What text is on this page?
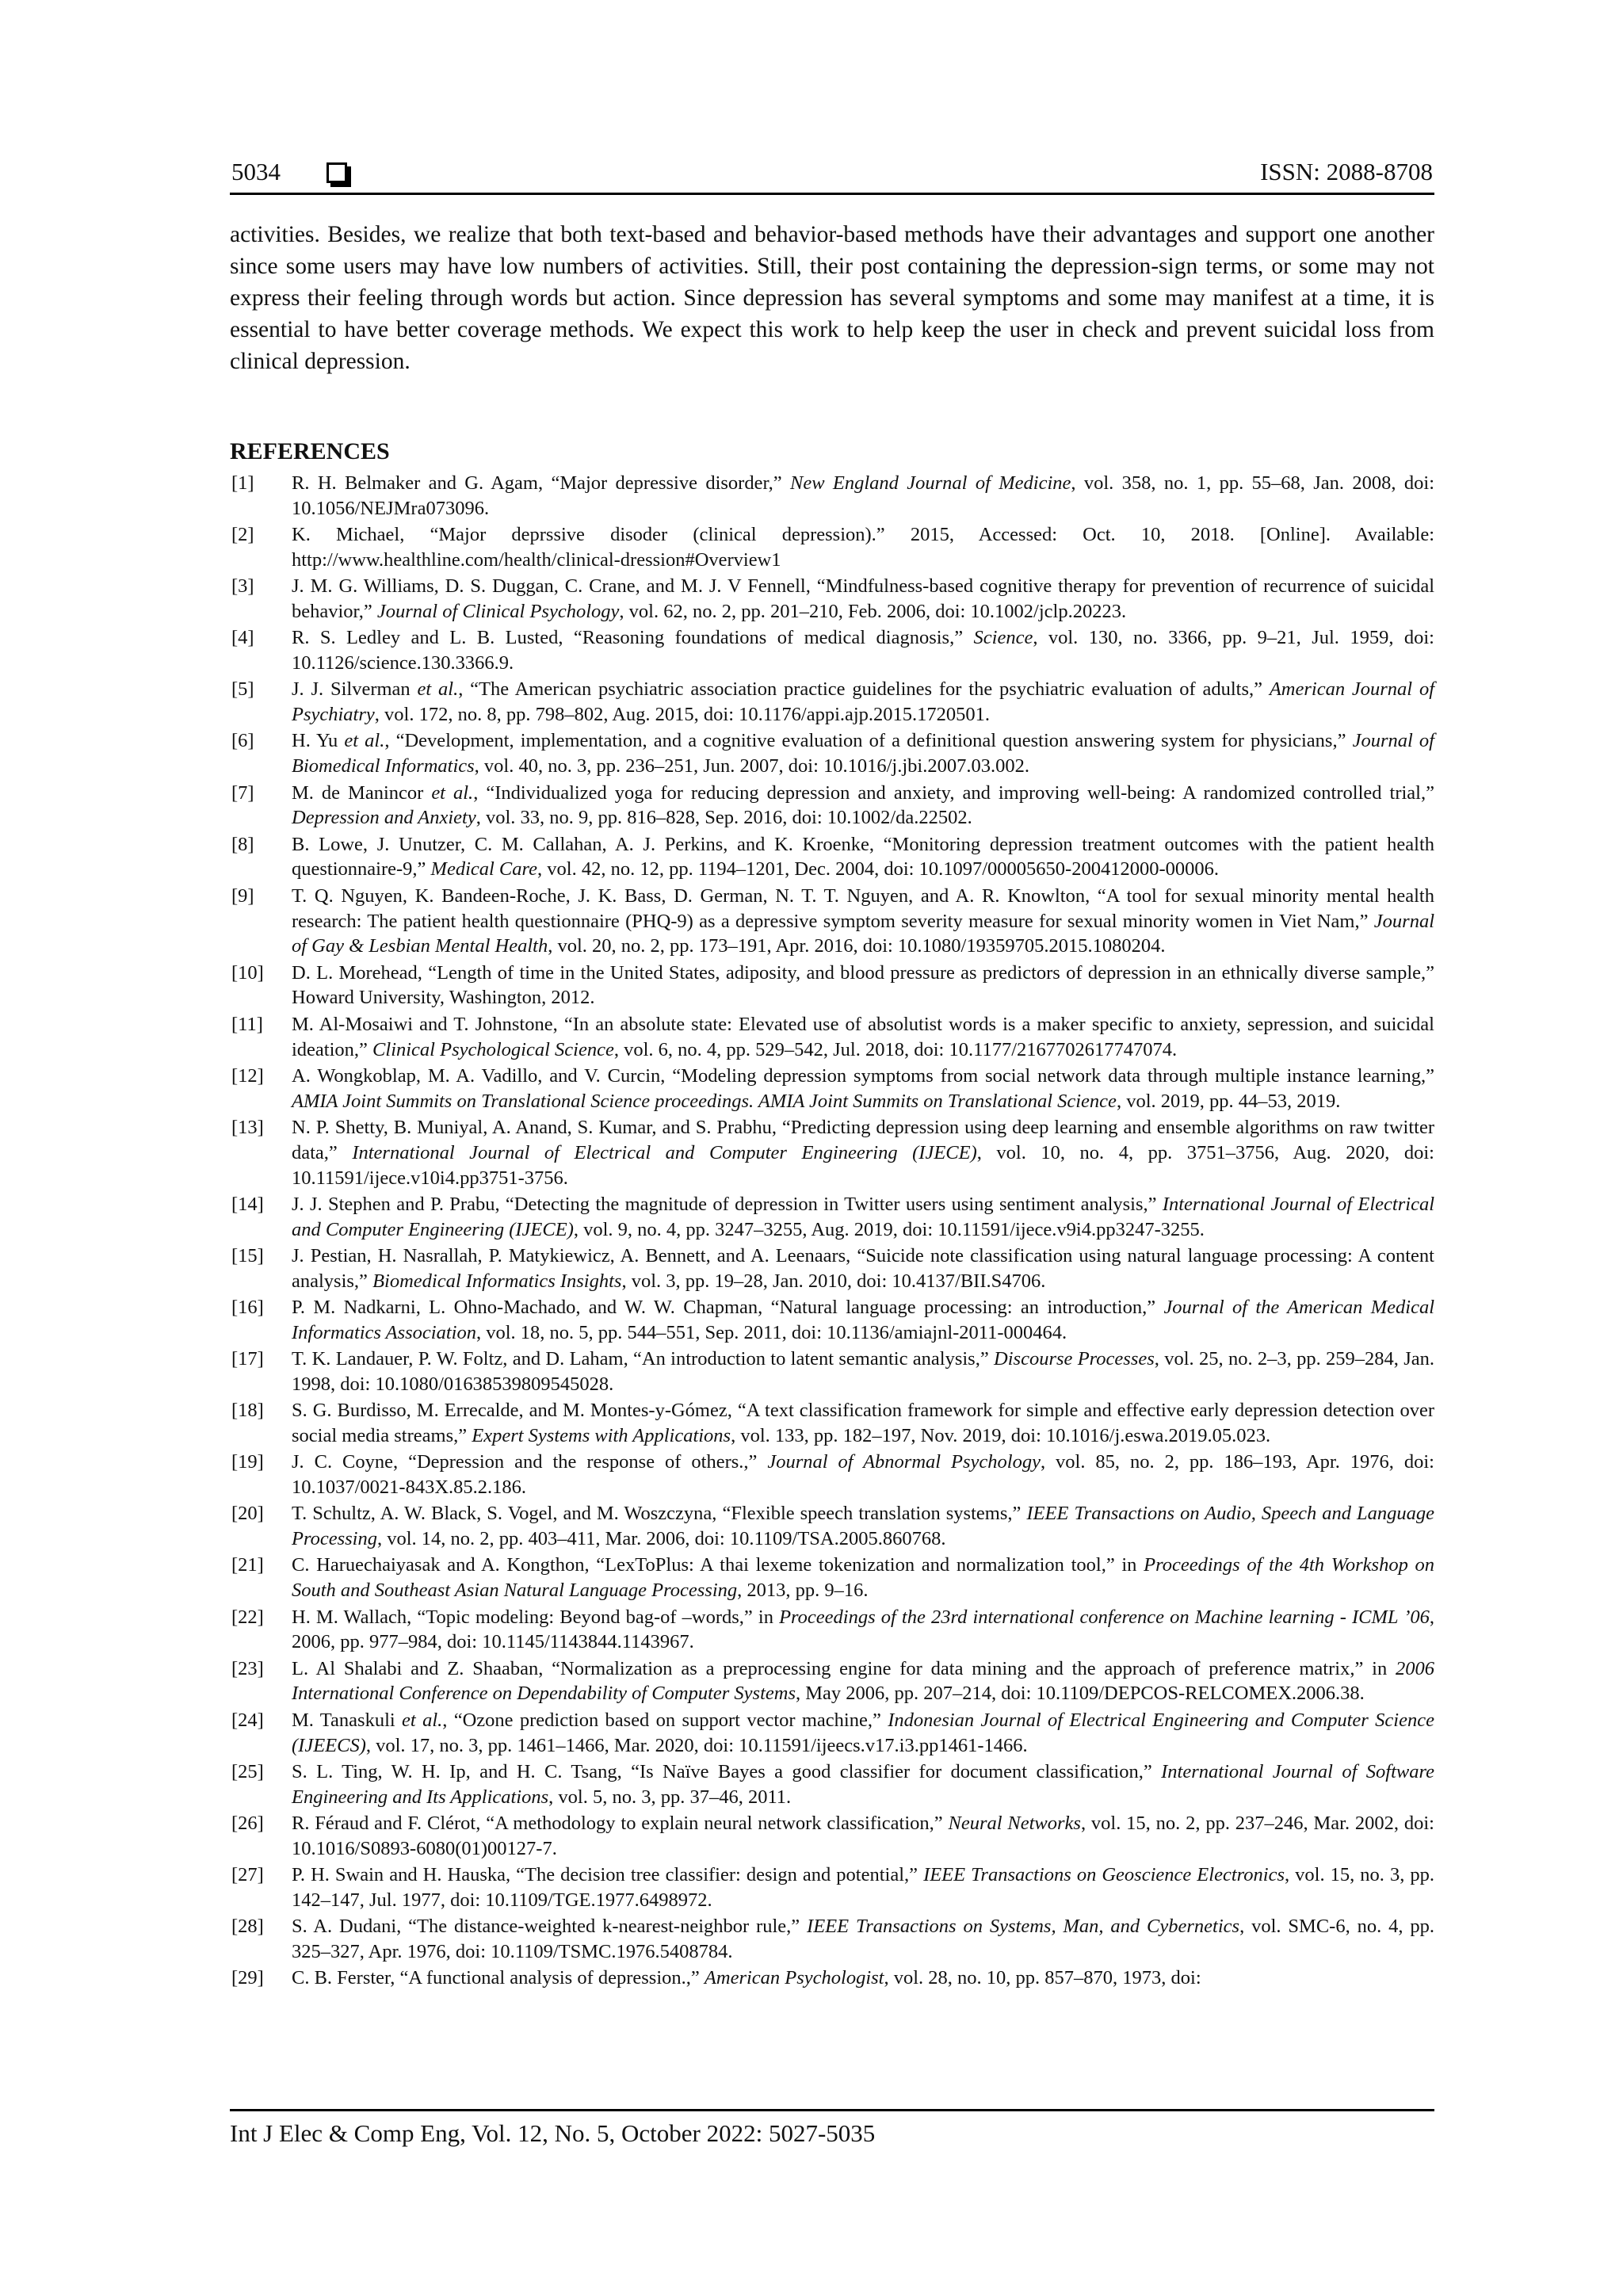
5034	ISSN: 2088-8708

activities. Besides, we realize that both text-based and behavior-based methods have their advantages and support one another since some users may have low numbers of activities. Still, their post containing the depression-sign terms, or some may not express their feeling through words but action. Since depression has several symptoms and some may manifest at a time, it is essential to have better coverage methods. We expect this work to help keep the user in check and prevent suicidal loss from clinical depression.

REFERENCES
[1] R. H. Belmaker and G. Agam, “Major depressive disorder,” New England Journal of Medicine, vol. 358, no. 1, pp. 55–68, Jan. 2008, doi: 10.1056/NEJMra073096.
[2] K. Michael, “Major deprssive disoder (clinical depression).” 2015, Accessed: Oct. 10, 2018. [Online]. Available: http://www.healthline.com/health/clinical-dression#Overview1
[3] J. M. G. Williams, D. S. Duggan, C. Crane, and M. J. V Fennell, “Mindfulness-based cognitive therapy for prevention of recurrence of suicidal behavior,” Journal of Clinical Psychology, vol. 62, no. 2, pp. 201–210, Feb. 2006, doi: 10.1002/jclp.20223.
[4] R. S. Ledley and L. B. Lusted, “Reasoning foundations of medical diagnosis,” Science, vol. 130, no. 3366, pp. 9–21, Jul. 1959, doi: 10.1126/science.130.3366.9.
[5] J. J. Silverman et al., “The American psychiatric association practice guidelines for the psychiatric evaluation of adults,” American Journal of Psychiatry, vol. 172, no. 8, pp. 798–802, Aug. 2015, doi: 10.1176/appi.ajp.2015.1720501.
[6] H. Yu et al., “Development, implementation, and a cognitive evaluation of a definitional question answering system for physicians,” Journal of Biomedical Informatics, vol. 40, no. 3, pp. 236–251, Jun. 2007, doi: 10.1016/j.jbi.2007.03.002.
[7] M. de Manincor et al., “Individualized yoga for reducing depression and anxiety, and improving well-being: A randomized controlled trial,” Depression and Anxiety, vol. 33, no. 9, pp. 816–828, Sep. 2016, doi: 10.1002/da.22502.
[8] B. Lowe, J. Unutzer, C. M. Callahan, A. J. Perkins, and K. Kroenke, “Monitoring depression treatment outcomes with the patient health questionnaire-9,” Medical Care, vol. 42, no. 12, pp. 1194–1201, Dec. 2004, doi: 10.1097/00005650-200412000-00006.
[9] T. Q. Nguyen, K. Bandeen-Roche, J. K. Bass, D. German, N. T. T. Nguyen, and A. R. Knowlton, “A tool for sexual minority mental health research: The patient health questionnaire (PHQ-9) as a depressive symptom severity measure for sexual minority women in Viet Nam,” Journal of Gay & Lesbian Mental Health, vol. 20, no. 2, pp. 173–191, Apr. 2016, doi: 10.1080/19359705.2015.1080204.
[10] D. L. Morehead, “Length of time in the United States, adiposity, and blood pressure as predictors of depression in an ethnically diverse sample,” Howard University, Washington, 2012.
[11] M. Al-Mosaiwi and T. Johnstone, “In an absolute state: Elevated use of absolutist words is a maker specific to anxiety, sepression, and suicidal ideation,” Clinical Psychological Science, vol. 6, no. 4, pp. 529–542, Jul. 2018, doi: 10.1177/2167702617747074.
[12] A. Wongkoblap, M. A. Vadillo, and V. Curcin, “Modeling depression symptoms from social network data through multiple instance learning,” AMIA Joint Summits on Translational Science proceedings. AMIA Joint Summits on Translational Science, vol. 2019, pp. 44–53, 2019.
[13] N. P. Shetty, B. Muniyal, A. Anand, S. Kumar, and S. Prabhu, “Predicting depression using deep learning and ensemble algorithms on raw twitter data,” International Journal of Electrical and Computer Engineering (IJECE), vol. 10, no. 4, pp. 3751–3756, Aug. 2020, doi: 10.11591/ijece.v10i4.pp3751-3756.
[14] J. J. Stephen and P. Prabu, “Detecting the magnitude of depression in Twitter users using sentiment analysis,” International Journal of Electrical and Computer Engineering (IJECE), vol. 9, no. 4, pp. 3247–3255, Aug. 2019, doi: 10.11591/ijece.v9i4.pp3247-3255.
[15] J. Pestian, H. Nasrallah, P. Matykiewicz, A. Bennett, and A. Leenaars, “Suicide note classification using natural language processing: A content analysis,” Biomedical Informatics Insights, vol. 3, pp. 19–28, Jan. 2010, doi: 10.4137/BII.S4706.
[16] P. M. Nadkarni, L. Ohno-Machado, and W. W. Chapman, “Natural language processing: an introduction,” Journal of the American Medical Informatics Association, vol. 18, no. 5, pp. 544–551, Sep. 2011, doi: 10.1136/amiajnl-2011-000464.
[17] T. K. Landauer, P. W. Foltz, and D. Laham, “An introduction to latent semantic analysis,” Discourse Processes, vol. 25, no. 2–3, pp. 259–284, Jan. 1998, doi: 10.1080/01638539809545028.
[18] S. G. Burdisso, M. Errecalde, and M. Montes-y-Gómez, “A text classification framework for simple and effective early depression detection over social media streams,” Expert Systems with Applications, vol. 133, pp. 182–197, Nov. 2019, doi: 10.1016/j.eswa.2019.05.023.
[19] J. C. Coyne, “Depression and the response of others.,” Journal of Abnormal Psychology, vol. 85, no. 2, pp. 186–193, Apr. 1976, doi: 10.1037/0021-843X.85.2.186.
[20] T. Schultz, A. W. Black, S. Vogel, and M. Woszczyna, “Flexible speech translation systems,” IEEE Transactions on Audio, Speech and Language Processing, vol. 14, no. 2, pp. 403–411, Mar. 2006, doi: 10.1109/TSA.2005.860768.
[21] C. Haruechaiyasak and A. Kongthon, “LexToPlus: A thai lexeme tokenization and normalization tool,” in Proceedings of the 4th Workshop on South and Southeast Asian Natural Language Processing, 2013, pp. 9–16.
[22] H. M. Wallach, “Topic modeling: Beyond bag-of –words,” in Proceedings of the 23rd international conference on Machine learning - ICML ’06, 2006, pp. 977–984, doi: 10.1145/1143844.1143967.
[23] L. Al Shalabi and Z. Shaaban, “Normalization as a preprocessing engine for data mining and the approach of preference matrix,” in 2006 International Conference on Dependability of Computer Systems, May 2006, pp. 207–214, doi: 10.1109/DEPCOS-RELCOMEX.2006.38.
[24] M. Tanaskuli et al., “Ozone prediction based on support vector machine,” Indonesian Journal of Electrical Engineering and Computer Science (IJEECS), vol. 17, no. 3, pp. 1461–1466, Mar. 2020, doi: 10.11591/ijeecs.v17.i3.pp1461-1466.
[25] S. L. Ting, W. H. Ip, and H. C. Tsang, “Is Naïve Bayes a good classifier for document classification,” International Journal of Software Engineering and Its Applications, vol. 5, no. 3, pp. 37–46, 2011.
[26] R. Féraud and F. Clérot, “A methodology to explain neural network classification,” Neural Networks, vol. 15, no. 2, pp. 237–246, Mar. 2002, doi: 10.1016/S0893-6080(01)00127-7.
[27] P. H. Swain and H. Hauska, “The decision tree classifier: design and potential,” IEEE Transactions on Geoscience Electronics, vol. 15, no. 3, pp. 142–147, Jul. 1977, doi: 10.1109/TGE.1977.6498972.
[28] S. A. Dudani, “The distance-weighted k-nearest-neighbor rule,” IEEE Transactions on Systems, Man, and Cybernetics, vol. SMC-6, no. 4, pp. 325–327, Apr. 1976, doi: 10.1109/TSMC.1976.5408784.
[29] C. B. Ferster, “A functional analysis of depression.,” American Psychologist, vol. 28, no. 10, pp. 857–870, 1973, doi:
Int J Elec & Comp Eng, Vol. 12, No. 5, October 2022: 5027-5035
